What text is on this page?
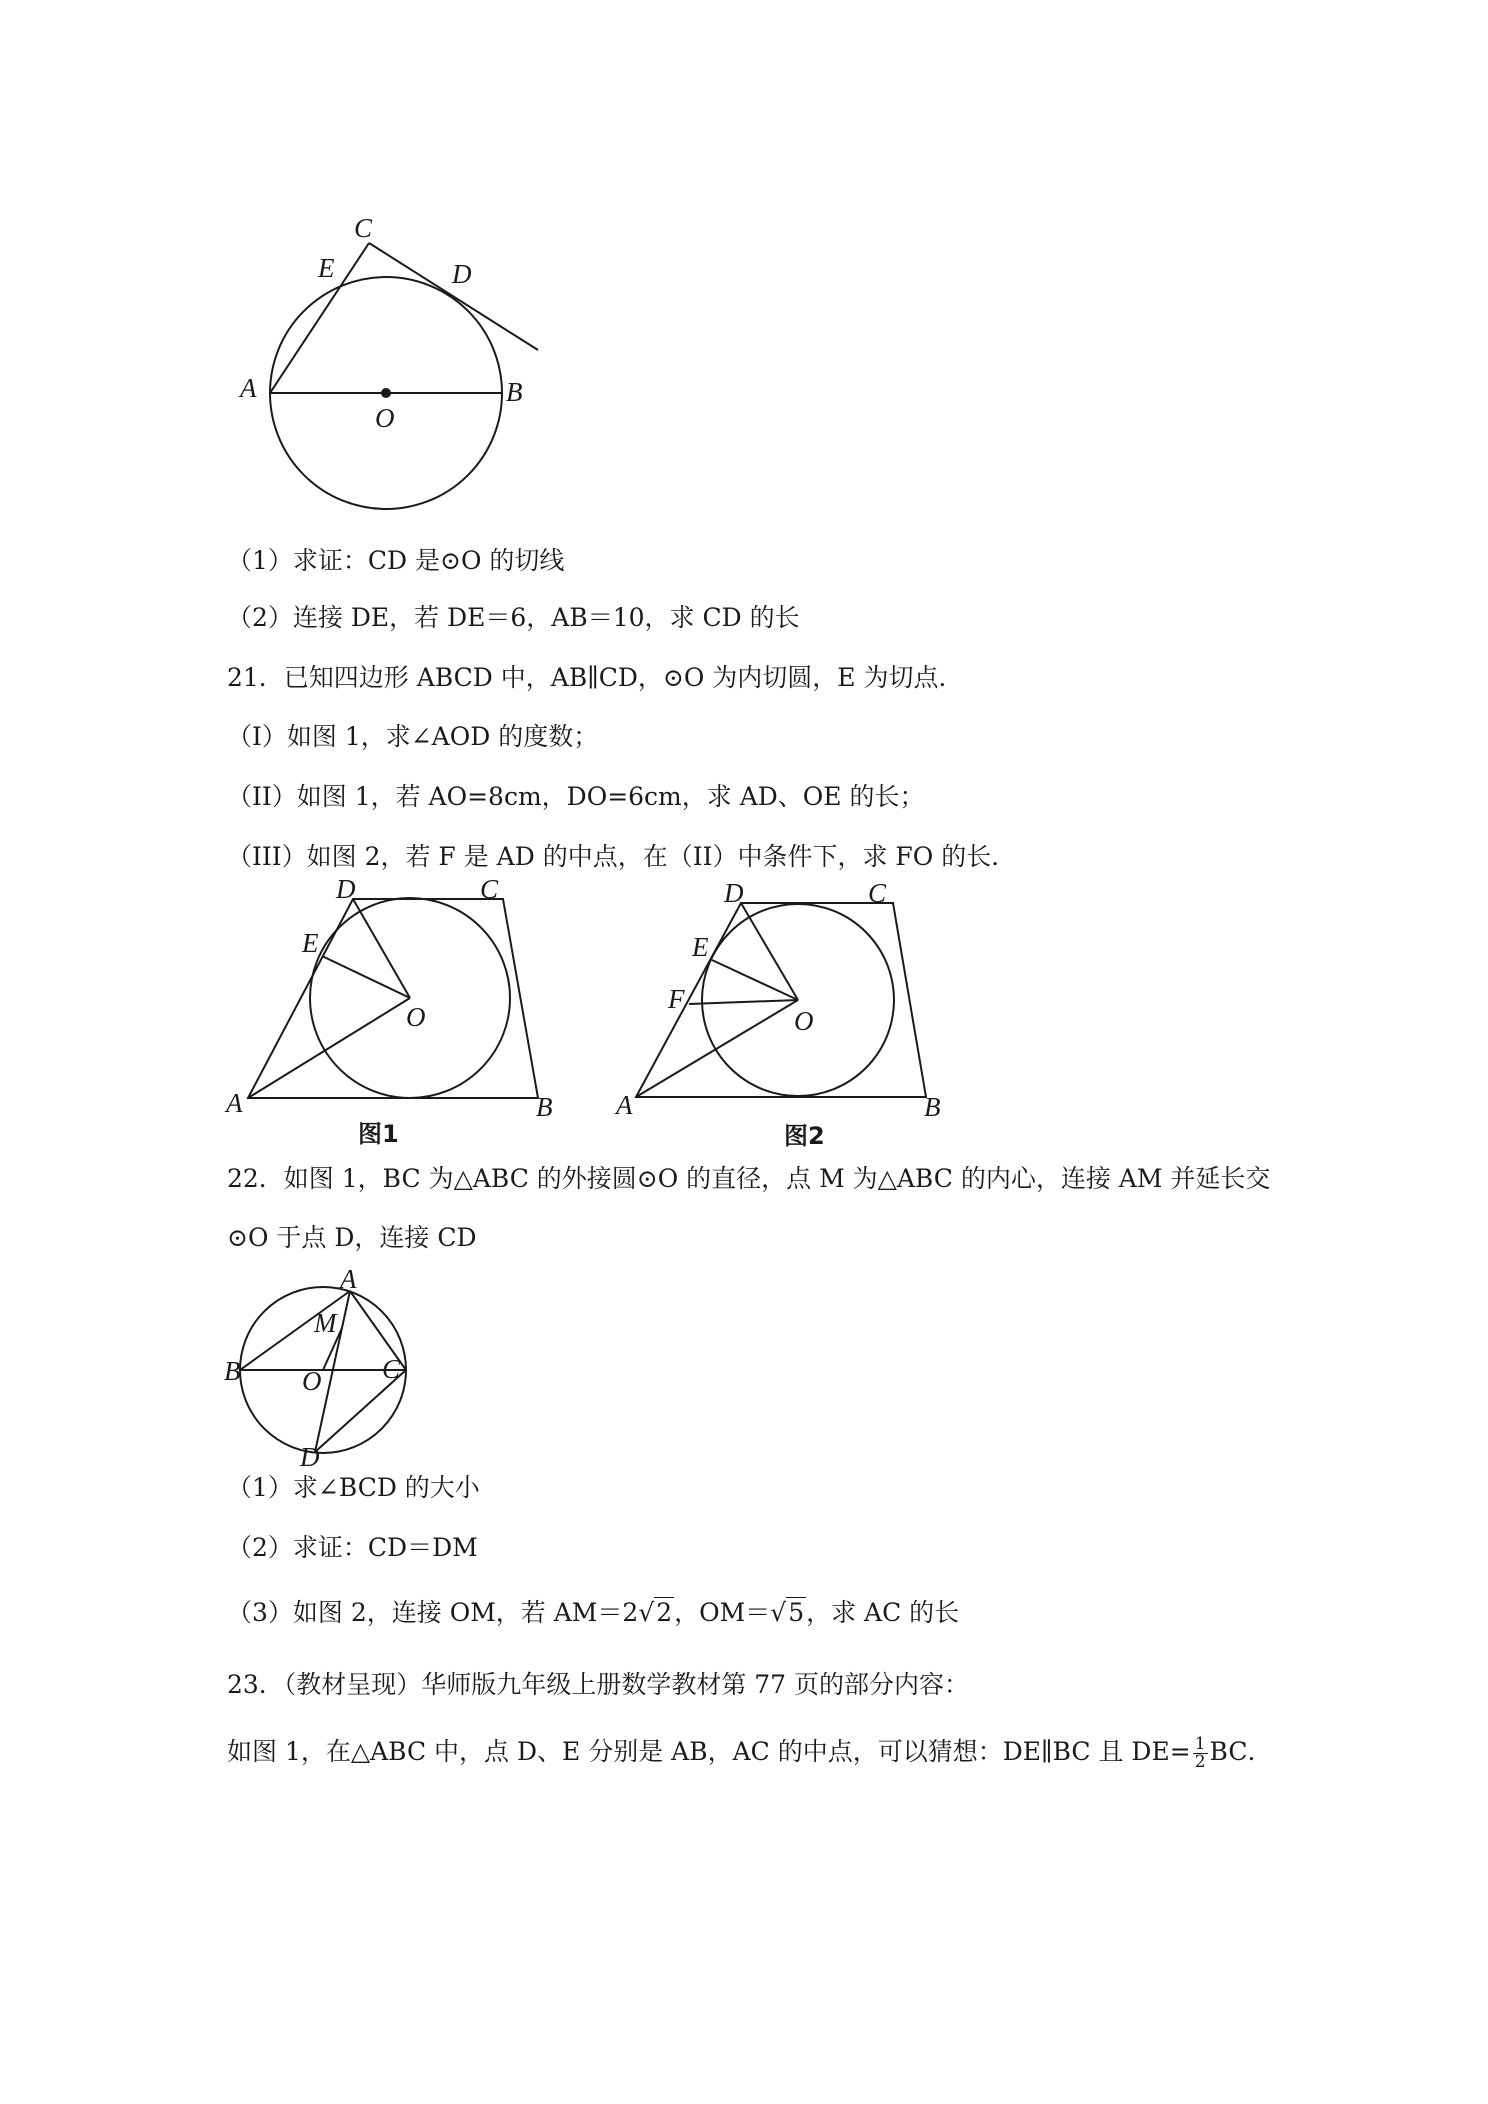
C
E	D
A	B
O
（1）求证：CD 是⊙O 的切线
（2）连接 DE，若 DE＝6，AB＝10，求 CD 的长
21．已知四边形 ABCD 中，AB∥CD，⊙O 为内切圆，E 为切点．
（I）如图 1，求∠AOD 的度数；
（II）如图 1，若 AO=8cm，DO=6cm，求 AD、OE 的长；
（III）如图 2，若 F 是 AD 的中点，在（II）中条件下，求 FO 的长．
D	C
E
O
A	B
图1
D	C
E
F
O
A	B
图2
22．如图 1，BC 为△ABC 的外接圆⊙O 的直径，点 M 为△ABC 的内心，连接 AM 并延长交
⊙O 于点 D，连接 CD
A
M
B O C
D
（1）求∠BCD 的大小
（2）求证：CD＝DM
（3）如图 2，连接 OM，若 AM＝2√2，OM＝√5，求 AC 的长
23．（教材呈现）华师版九年级上册数学教材第 77 页的部分内容：
如图 1，在△ABC 中，点 D、E 分别是 AB，AC 的中点，可以猜想：DE∥BC 且 $DE= \frac{1}{2}$ BC．
